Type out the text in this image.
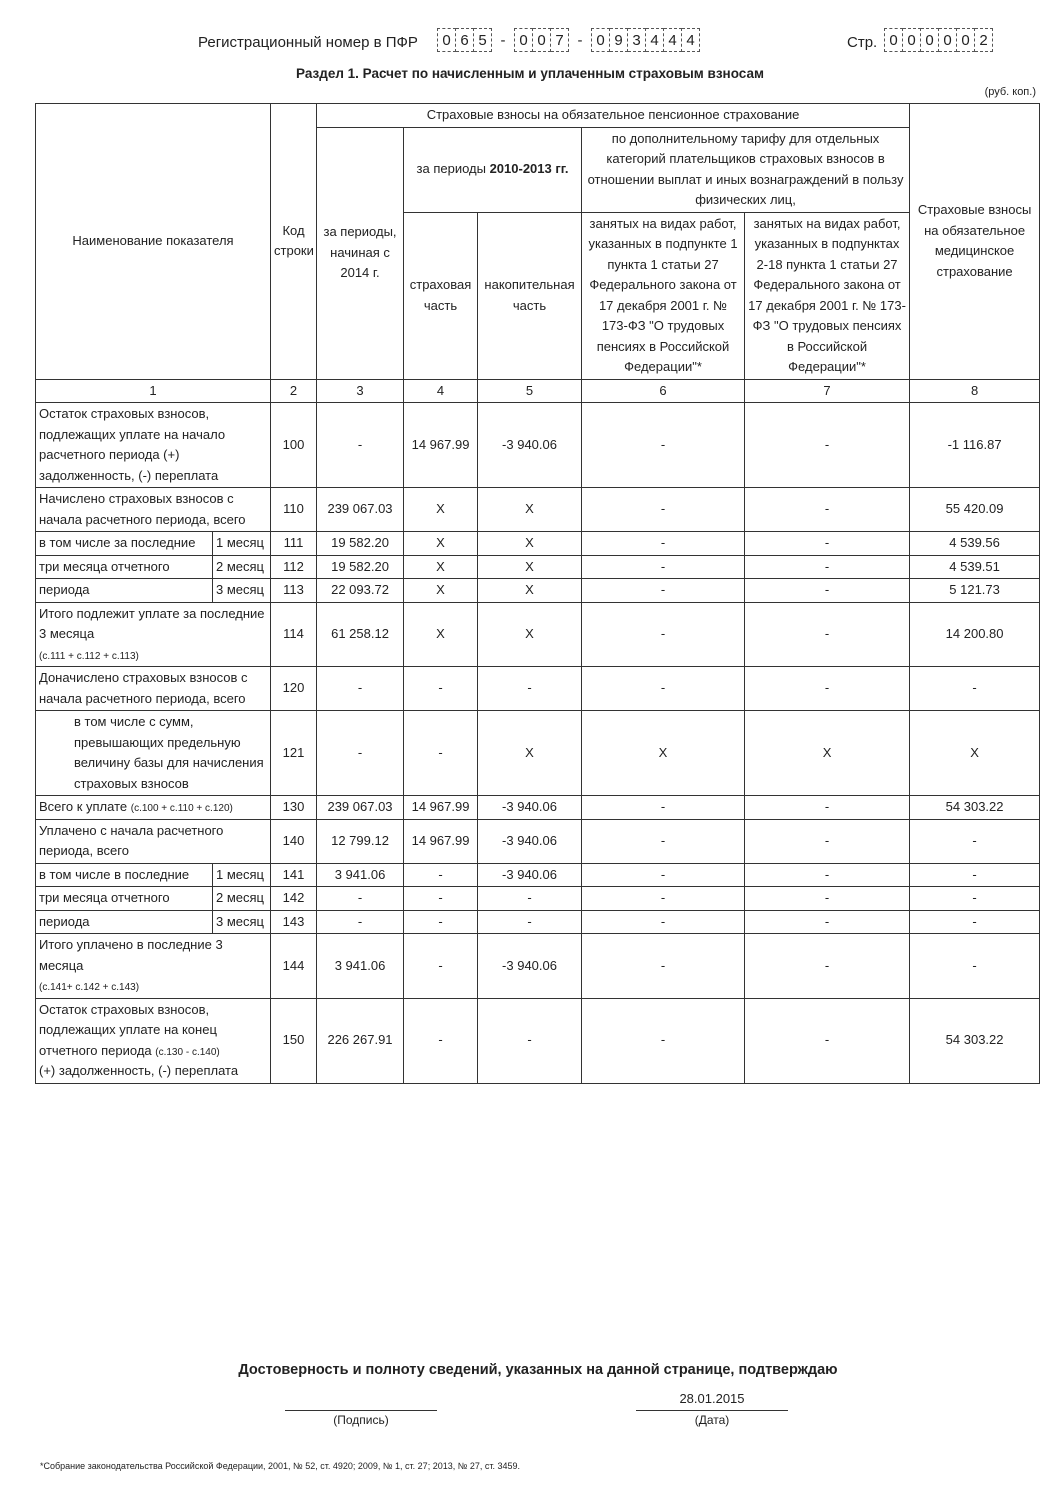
Регистрационный номер в ПФР	0 6 5 - 0 0 7 - 0 9 3 4 4 4	Стр. 0 0 0 0 0 2
Раздел 1. Расчет по начисленным и уплаченным страховым взносам
(руб. коп.)
Наименование показателя		Код строки	Страховые взносы на обязательное пенсионное страхование					Страховые взносы на обязательное медицинское страхование
			за периоды, начиная с 2014 г.	за периоды 2010-2013 гг.		по дополнительному тарифу для отдельных категорий плательщиков страховых взносов в отношении выплат и иных вознаграждений в пользу физических лиц,		
				страховая часть	накопительная часть	занятых на видах работ, указанных в подпункте 1 пункта 1 статьи 27 Федерального закона от 17 декабря 2001 г. № 173-ФЗ "О трудовых пенсиях в Российской Федерации"*	занятых на видах работ, указанных в подпунктах 2-18 пункта 1 статьи 27 Федерального закона от 17 декабря 2001 г. № 173-ФЗ "О трудовых пенсиях в Российской Федерации"*	

1		2	3	4	5	6	7	8
Остаток страховых взносов, подлежащих уплате на начало расчетного периода (+) задолженность, (-) переплата		100	-	14 967.99	-3 940.06	-	-	-1 116.87
Начислено страховых взносов с начала расчетного периода, всего		110	239 067.03	X	X	-	-	55 420.09
в том числе за последние	1 месяц	111	19 582.20	X	X	-	-	4 539.56
три месяца отчетного	2 месяц	112	19 582.20	X	X	-	-	4 539.51
периода	3 месяц	113	22 093.72	X	X	-	-	5 121.73
Итого подлежит уплате за последние 3 месяца
(с.111 + с.112 + с.113)		114	61 258.12	X	X	-	-	14 200.80
Доначислено страховых взносов с начала расчетного периода, всего		120	-	-	-	-	-	-
в том числе с сумм, превышающих предельную величину базы для начисления страховых взносов		121	-	-	X	X	X	X
Всего к уплате (с.100 + с.110 + с.120)		130	239 067.03	14 967.99	-3 940.06	-	-	54 303.22
Уплачено с начала расчетного периода, всего		140	12 799.12	14 967.99	-3 940.06	-	-	-
в том числе в последние	1 месяц	141	3 941.06	-	-3 940.06	-	-	-
три месяца отчетного	2 месяц	142	-	-	-	-	-	-
периода	3 месяц	143	-	-	-	-	-	-
Итого уплачено в последние 3 месяца
(с.141+ с.142 + с.143)		144	3 941.06	-	-3 940.06	-	-	-
Остаток страховых взносов, подлежащих уплате на конец отчетного периода (с.130 - с.140)
(+) задолженность, (-) переплата		150	226 267.91	-	-	-	-	54 303.22
Достоверность и полноту сведений, указанных на данной странице, подтверждаю
(Подпись)
28.01.2015
(Дата)
*Собрание законодательства Российской Федерации, 2001, № 52, ст. 4920; 2009, № 1, ст. 27; 2013, № 27, ст. 3459.
